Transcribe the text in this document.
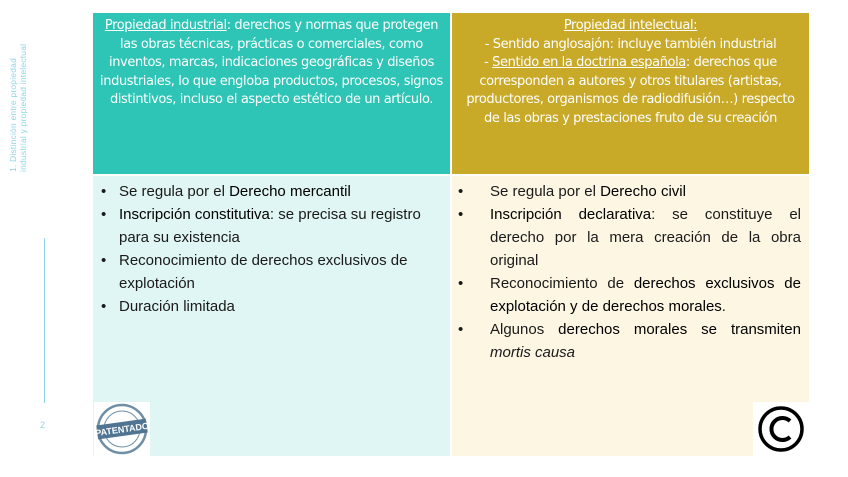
1. Distinción entre propiedad industrial y propiedad intelectual
2
Propiedad industrial: derechos y normas que protegen las obras técnicas, prácticas o comerciales, como inventos, marcas, indicaciones geográficas y diseños industriales, lo que engloba productos, procesos, signos distintivos, incluso el aspecto estético de un artículo.
Propiedad intelectual:
- Sentido anglosajón: incluye también industrial
- Sentido en la doctrina española: derechos que corresponden a autores y otros titulares (artistas, productores, organismos de radiodifusión…) respecto de las obras y prestaciones fruto de su creación
• Se regula por el Derecho mercantil
• Inscripción constitutiva: se precisa su registro para su existencia
• Reconocimiento de derechos exclusivos de explotación
• Duración limitada
• Se regula por el Derecho civil
• Inscripción declarativa: se constituye el derecho por la mera creación de la obra original
• Reconocimiento de derechos exclusivos de explotación y de derechos morales.
• Algunos derechos morales se transmiten mortis causa
PATENTADO
